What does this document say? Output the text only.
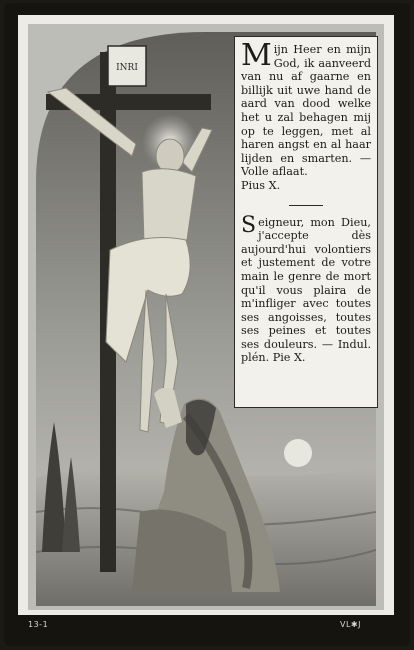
INRI	Mijn Heer en mijn God, ik aanveerd van nu af gaarne en billijk uit uwe hand de aard van dood welke het u zal behagen mij op te leggen, met al haren angst en al haar lijden en smarten. — Volle aflaat.
Pius X.
Seigneur, mon Dieu, j'accepte dès aujourd'hui volontiers et justement de votre main le genre de mort qu'il vous plaira de m'infliger avec toutes ses angoisses, toutes ses peines et toutes ses douleurs. — Indul. plén. Pie X.
13-1	VL✱J
